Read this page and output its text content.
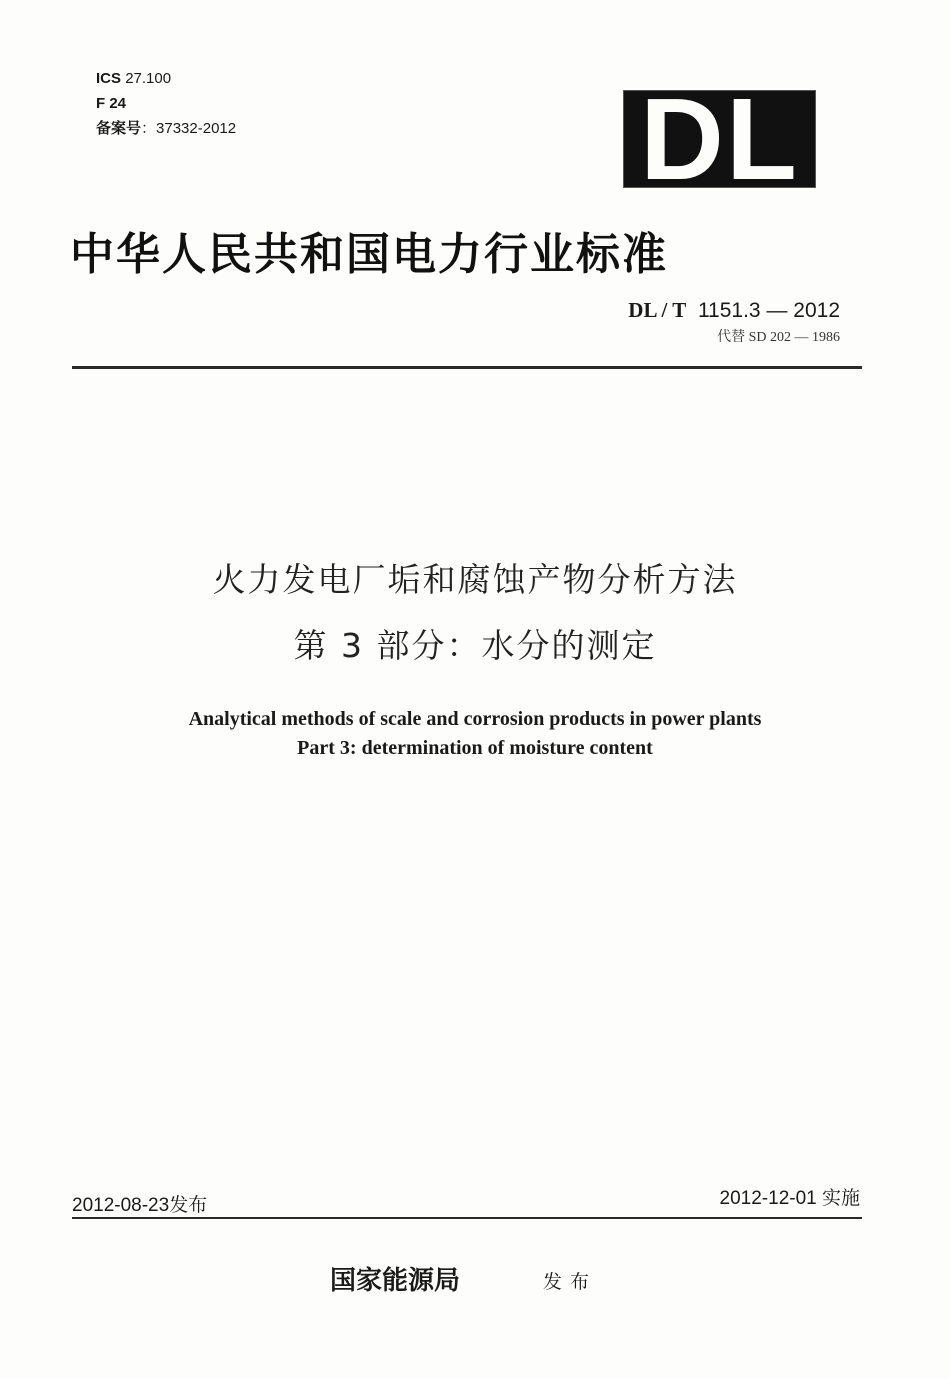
ICS 27.100
F 24
备案号：37332-2012	DL
中华人民共和国电力行业标准
DL / T 1151.3 — 2012
代替 SD 202 — 1986
火力发电厂垢和腐蚀产物分析方法
第 3 部分：水分的测定
Analytical methods of scale and corrosion products in power plants
Part 3: determination of moisture content
2012-08-23发布	2012-12-01 实施
国家能源局	发布
